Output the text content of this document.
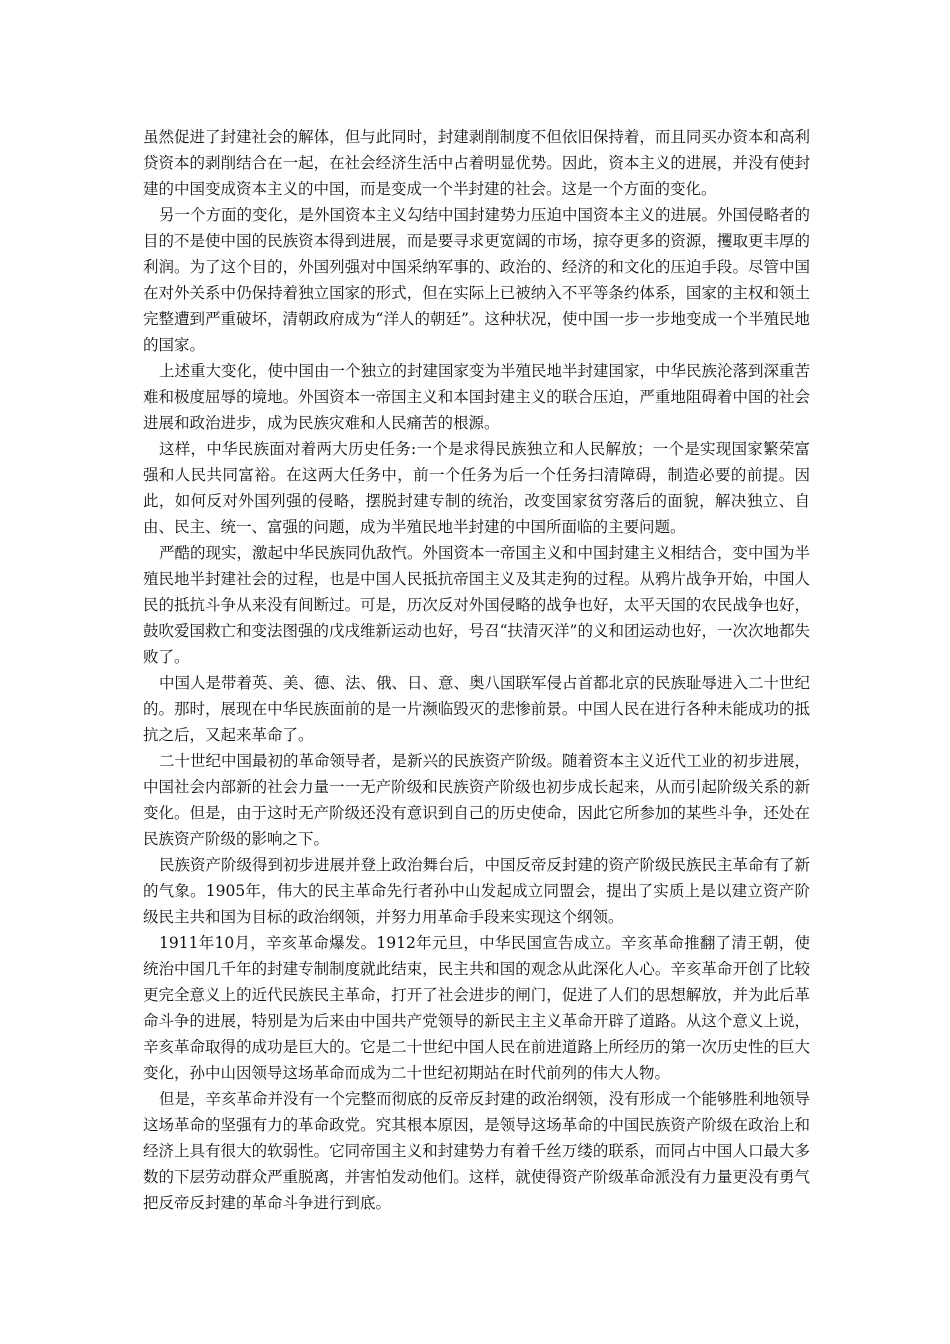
虽然促进了封建社会的解体，但与此同时，封建剥削制度不但依旧保持着，而且同买办资本和高利贷资本的剥削结合在一起，在社会经济生活中占着明显优势。因此，资本主义的进展，并没有使封建的中国变成资本主义的中国，而是变成一个半封建的社会。这是一个方面的变化。

另一个方面的变化，是外国资本主义勾结中国封建势力压迫中国资本主义的进展。外国侵略者的目的不是使中国的民族资本得到进展，而是要寻求更宽阔的市场，掠夺更多的资源，攫取更丰厚的利润。为了这个目的，外国列强对中国采纳军事的、政治的、经济的和文化的压迫手段。尽管中国在对外关系中仍保持着独立国家的形式，但在实际上已被纳入不平等条约体系，国家的主权和领土完整遭到严重破坏，清朝政府成为“洋人的朝廷”。这种状况，使中国一步一步地变成一个半殖民地的国家。

上述重大变化，使中国由一个独立的封建国家变为半殖民地半封建国家，中华民族沦落到深重苦难和极度屈辱的境地。外国资本一帝国主义和本国封建主义的联合压迫，严重地阻碍着中国的社会进展和政治进步，成为民族灾难和人民痛苦的根源。

这样，中华民族面对着两大历史任务:一个是求得民族独立和人民解放；一个是实现国家繁荣富强和人民共同富裕。在这两大任务中，前一个任务为后一个任务扫清障碍，制造必要的前提。因此，如何反对外国列强的侵略，摆脱封建专制的统治，改变国家贫穷落后的面貌，解决独立、自由、民主、统一、富强的问题，成为半殖民地半封建的中国所面临的主要问题。

严酷的现实，激起中华民族同仇敌忾。外国资本一帝国主义和中国封建主义相结合，变中国为半殖民地半封建社会的过程，也是中国人民抵抗帝国主义及其走狗的过程。从鸦片战争开始，中国人民的抵抗斗争从来没有间断过。可是，历次反对外国侵略的战争也好，太平天国的农民战争也好，鼓吹爱国救亡和变法图强的戊戌维新运动也好，号召“扶清灭洋”的义和团运动也好，一次次地都失败了。

中国人是带着英、美、德、法、俄、日、意、奥八国联军侵占首都北京的民族耻辱进入二十世纪的。那时，展现在中华民族面前的是一片濒临毁灭的悲惨前景。中国人民在进行各种未能成功的抵抗之后，又起来革命了。

二十世纪中国最初的革命领导者，是新兴的民族资产阶级。随着资本主义近代工业的初步进展，中国社会内部新的社会力量一一无产阶级和民族资产阶级也初步成长起来，从而引起阶级关系的新变化。但是，由于这时无产阶级还没有意识到自己的历史使命，因此它所参加的某些斗争，还处在民族资产阶级的影响之下。

民族资产阶级得到初步进展并登上政治舞台后，中国反帝反封建的资产阶级民族民主革命有了新的气象。1905年，伟大的民主革命先行者孙中山发起成立同盟会，提出了实质上是以建立资产阶级民主共和国为目标的政治纲领，并努力用革命手段来实现这个纲领。

1911年10月，辛亥革命爆发。1912年元旦，中华民国宣告成立。辛亥革命推翻了清王朝，使统治中国几千年的封建专制制度就此结束，民主共和国的观念从此深化人心。辛亥革命开创了比较更完全意义上的近代民族民主革命，打开了社会进步的闸门，促进了人们的思想解放，并为此后革命斗争的进展，特别是为后来由中国共产党领导的新民主主义革命开辟了道路。从这个意义上说，辛亥革命取得的成功是巨大的。它是二十世纪中国人民在前进道路上所经历的第一次历史性的巨大变化，孙中山因领导这场革命而成为二十世纪初期站在时代前列的伟大人物。

但是，辛亥革命并没有一个完整而彻底的反帝反封建的政治纲领，没有形成一个能够胜利地领导这场革命的坚强有力的革命政党。究其根本原因，是领导这场革命的中国民族资产阶级在政治上和经济上具有很大的软弱性。它同帝国主义和封建势力有着千丝万缕的联系，而同占中国人口最大多数的下层劳动群众严重脱离，并害怕发动他们。这样，就使得资产阶级革命派没有力量更没有勇气把反帝反封建的革命斗争进行到底。
